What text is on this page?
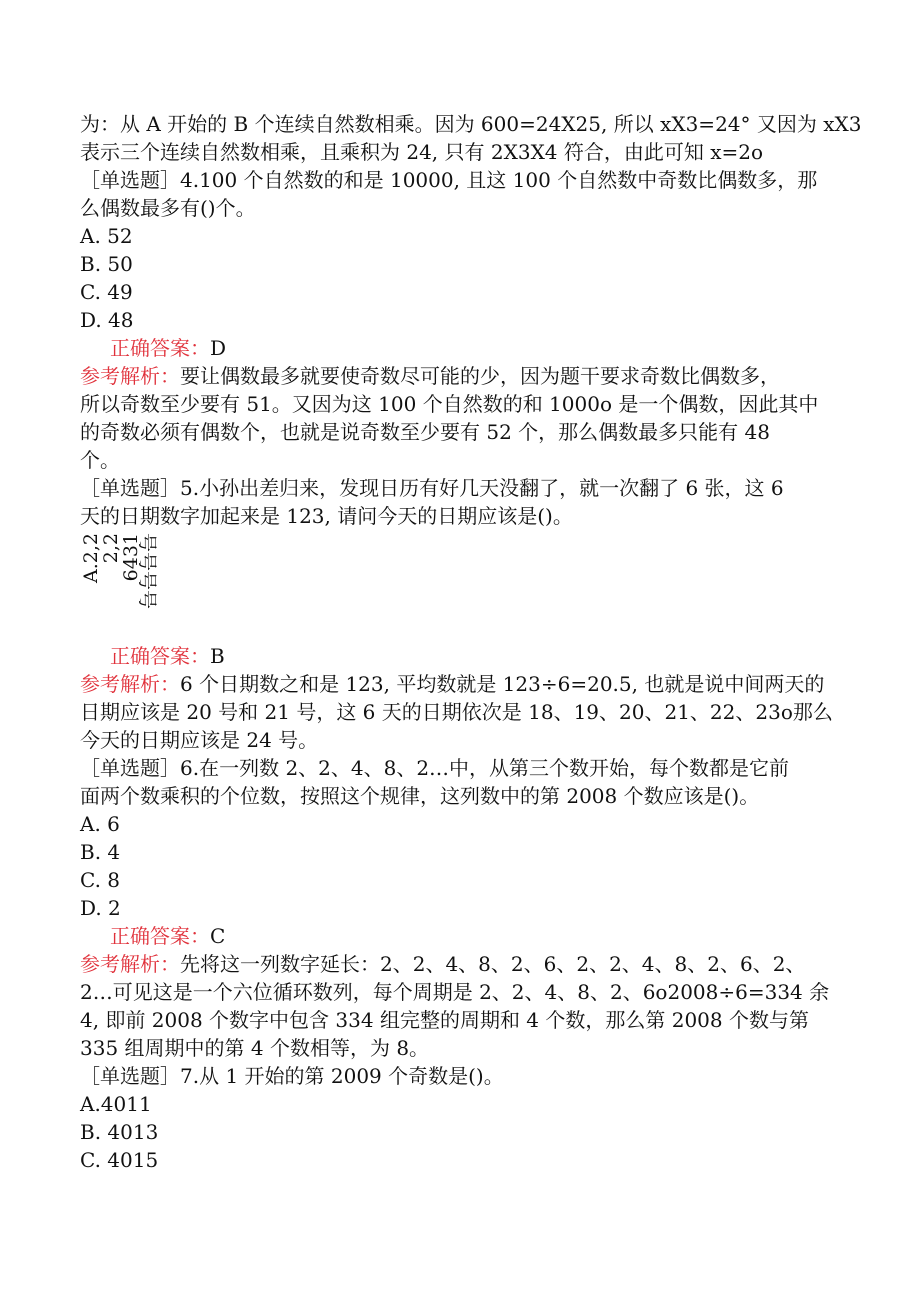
为：从 A 开始的 B 个连续自然数相乘。因为 600=24X25, 所以 xX3=24° 又因为 xX3
表示三个连续自然数相乘，且乘积为 24, 只有 2X3X4 符合，由此可知 x=2o
［单选题］4.100 个自然数的和是 10000, 且这 100 个自然数中奇数比偶数多，那
么偶数最多有()个。
A. 52
B. 50
C. 49
D. 48
正确答案：D
参考解析：要让偶数最多就要使奇数尽可能的少，因为题干要求奇数比偶数多，
所以奇数至少要有 51。又因为这 100 个自然数的和 1000o 是一个偶数，因此其中
的奇数必须有偶数个，也就是说奇数至少要有 52 个，那么偶数最多只能有 48
个。
［单选题］5.小孙出差归来，发现日历有好几天没翻了，就一次翻了 6 张，这 6
天的日期数字加起来是 123, 请问今天的日期应该是()。
A.2,2
2,2
6431
号号号号
正确答案：B
参考解析：6 个日期数之和是 123, 平均数就是 123÷6=20.5, 也就是说中间两天的
日期应该是 20 号和 21 号，这 6 天的日期依次是 18、19、20、21、22、23o那么
今天的日期应该是 24 号。
［单选题］6.在一列数 2、2、4、8、2…中，从第三个数开始，每个数都是它前
面两个数乘积的个位数，按照这个规律，这列数中的第 2008 个数应该是()。
A. 6
B. 4
C. 8
D. 2
正确答案：C
参考解析：先将这一列数字延长：2、2、4、8、2、6、2、2、4、8、2、6、2、
2…可见这是一个六位循环数列，每个周期是 2、2、4、8、2、6o2008÷6=334 余
4, 即前 2008 个数字中包含 334 组完整的周期和 4 个数，那么第 2008 个数与第
335 组周期中的第 4 个数相等，为 8。
［单选题］7.从 1 开始的第 2009 个奇数是()。
A.4011
B. 4013
C. 4015
